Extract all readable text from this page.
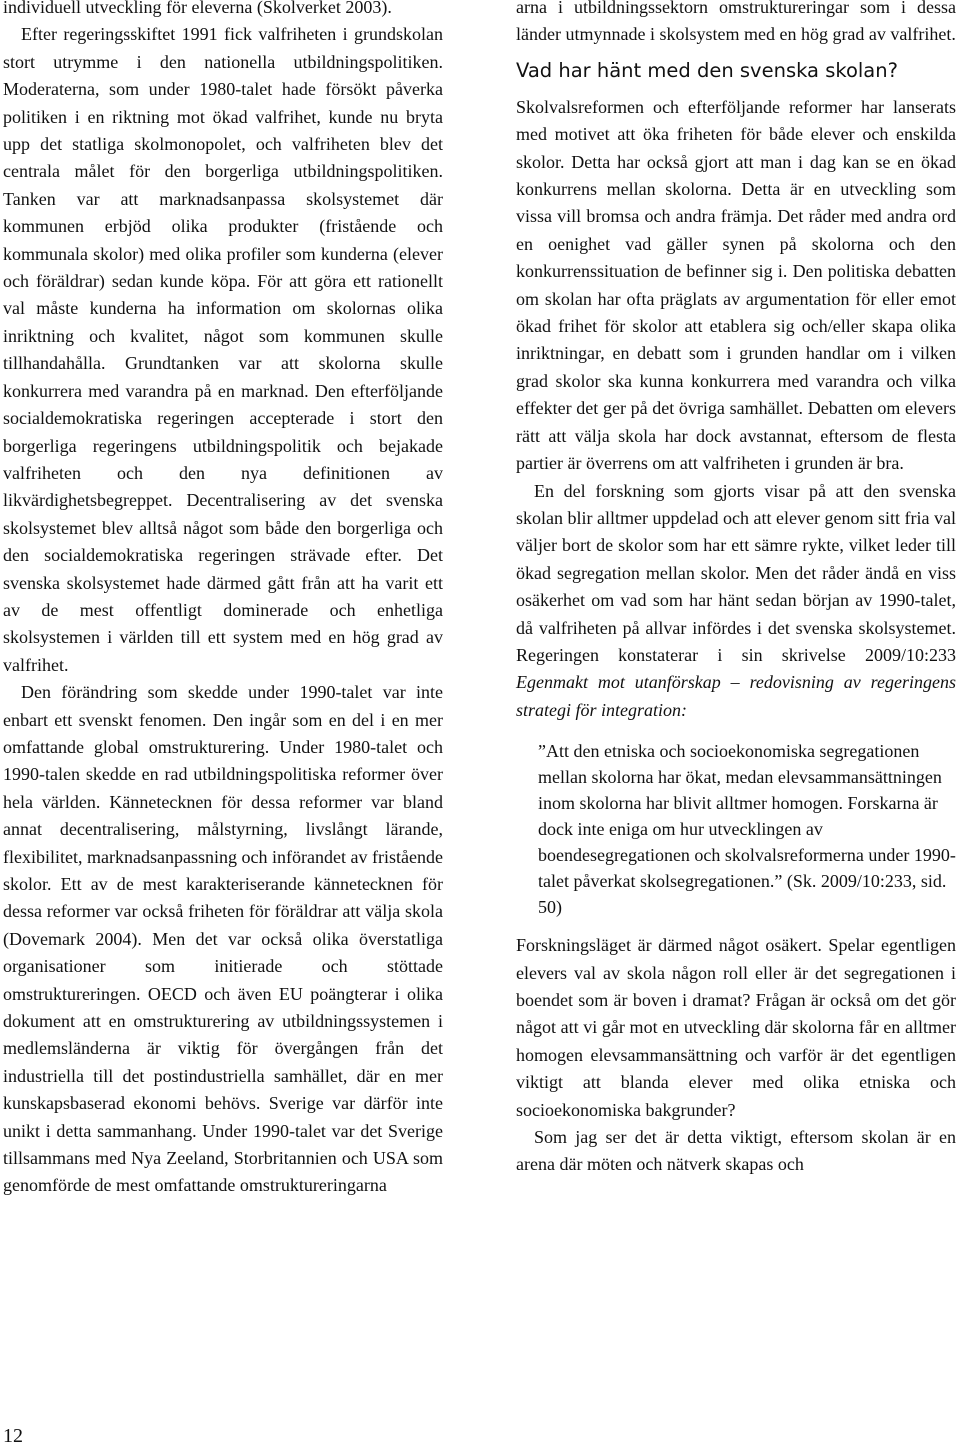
individuell utveckling för eleverna (Skolverket 2003).

Efter regeringsskiftet 1991 fick valfriheten i grundskolan stort utrymme i den nationella utbildningspolitiken. Moderaterna, som under 1980-talet hade försökt påverka politiken i en riktning mot ökad valfrihet, kunde nu bryta upp det statliga skolmonopolet, och valfriheten blev det centrala målet för den borgerliga utbildningspolitiken. Tanken var att marknadsanpassa skolsystemet där kommunen erbjöd olika produkter (fristående och kommunala skolor) med olika profiler som kunderna (elever och föräldrar) sedan kunde köpa. För att göra ett rationellt val måste kunderna ha information om skolornas olika inriktning och kvalitet, något som kommunen skulle tillhandahålla. Grundtanken var att skolorna skulle konkurrera med varandra på en marknad. Den efterföljande socialdemokratiska regeringen accepterade i stort den borgerliga regeringens utbildningspolitik och bejakade valfriheten och den nya definitionen av likvärdighetsbegreppet. Decentralisering av det svenska skolsystemet blev alltså något som både den borgerliga och den socialdemokratiska regeringen strävade efter. Det svenska skolsystemet hade därmed gått från att ha varit ett av de mest offentligt dominerade och enhetliga skolsystemen i världen till ett system med en hög grad av valfrihet.

Den förändring som skedde under 1990-talet var inte enbart ett svenskt fenomen. Den ingår som en del i en mer omfattande global omstrukturering. Under 1980-talet och 1990-talen skedde en rad utbildningspolitiska reformer över hela världen. Kännetecknen för dessa reformer var bland annat decentralisering, målstyrning, livslångt lärande, flexibilitet, marknadsanpassning och införandet av fristående skolor. Ett av de mest karakteriserande kännetecknen för dessa reformer var också friheten för föräldrar att välja skola (Dovemark 2004). Men det var också olika överstatliga organisationer som initierade och stöttade omstruktureringen. OECD och även EU poängterar i olika dokument att en omstrukturering av utbildningssystemen i medlemsländerna är viktig för övergången från det industriella till det postindustriella samhället, där en mer kunskapsbaserad ekonomi behövs. Sverige var därför inte unikt i detta sammanhang. Under 1990-talet var det Sverige tillsammans med Nya Zeeland, Storbritannien och USA som genomförde de mest omfattande omstruktureringarna

arna i utbildningssektorn omstruktureringar som i dessa länder utmynnade i skolsystem med en hög grad av valfrihet.

Vad har hänt med den svenska skolan?

Skolvalsreformen och efterföljande reformer har lanserats med motivet att öka friheten för både elever och enskilda skolor. Detta har också gjort att man i dag kan se en ökad konkurrens mellan skolorna. Detta är en utveckling som vissa vill bromsa och andra främja. Det råder med andra ord en oenighet vad gäller synen på skolorna och den konkurrenssituation de befinner sig i. Den politiska debatten om skolan har ofta präglats av argumentation för eller emot ökad frihet för skolor att etablera sig och/eller skapa olika inriktningar, en debatt som i grunden handlar om i vilken grad skolor ska kunna konkurrera med varandra och vilka effekter det ger på det övriga samhället. Debatten om elevers rätt att välja skola har dock avstannat, eftersom de flesta partier är överrens om att valfriheten i grunden är bra.

En del forskning som gjorts visar på att den svenska skolan blir alltmer uppdelad och att elever genom sitt fria val väljer bort de skolor som har ett sämre rykte, vilket leder till ökad segregation mellan skolor. Men det råder ändå en viss osäkerhet om vad som har hänt sedan början av 1990-talet, då valfriheten på allvar infördes i det svenska skolsystemet. Regeringen konstaterar i sin skrivelse 2009/10:233 Egenmakt mot utanförskap – redovisning av regeringens strategi för integration:

”Att den etniska och socioekonomiska segregationen mellan skolorna har ökat, medan elevsammansättningen inom skolorna har blivit alltmer homogen. Forskarna är dock inte eniga om hur utvecklingen av boendesegregationen och skolvalsreformerna under 1990-talet påverkat skolsegregationen.” (Sk. 2009/10:233, sid. 50)

Forskningsläget är därmed något osäkert. Spelar egentligen elevers val av skola någon roll eller är det segregationen i boendet som är boven i dramat? Frågan är också om det gör något att vi går mot en utveckling där skolorna får en alltmer homogen elevsammansättning och varför är det egentligen viktigt att blanda elever med olika etniska och socioekonomiska bakgrunder?

Som jag ser det är detta viktigt, eftersom skolan är en arena där möten och nätverk skapas och

12
